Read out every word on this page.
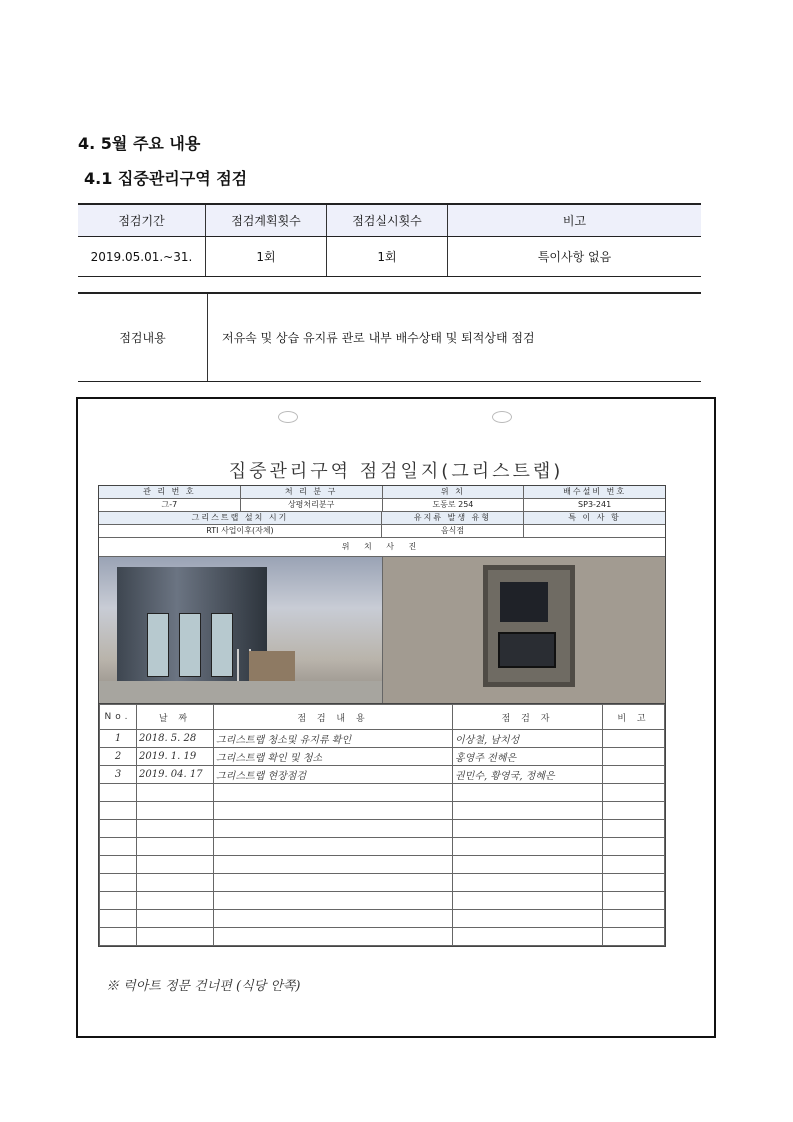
4. 5월 주요 내용
4.1 집중관리구역 점검
점검기간	점검계획횟수	점검실시횟수	비고
2019.05.01.~31.	1회	1회	특이사항 없음
점검내용	저유속 및 상습 유지류 관로 내부 배수상태 및 퇴적상태 점검
집중관리구역 점검일지(그리스트랩)
관 리 번 호	처 리 분 구	위 치	배수설비 번호
그-7	상평처리분구	도동로 254	SP3-241
그리스트랩 설치 시기	유지류 발생 유형	특 이 사 항
RTI 사업이후(자체)	음식점
위 치 사 진
No.	날 짜	점 검 내 용	점 검 자	비 고
1	2018. 5. 28	그리스트랩 청소및 유지류 확인	이상철, 남치성	
2	2019. 1. 19	그리스트랩 확인 및 청소	홍영주 전혜은	
3	2019. 04. 17	그리스트랩 현장점검	권민수, 황영국, 정혜은	

※ 럭아트 정문 건너편 (식당 안쪽)
